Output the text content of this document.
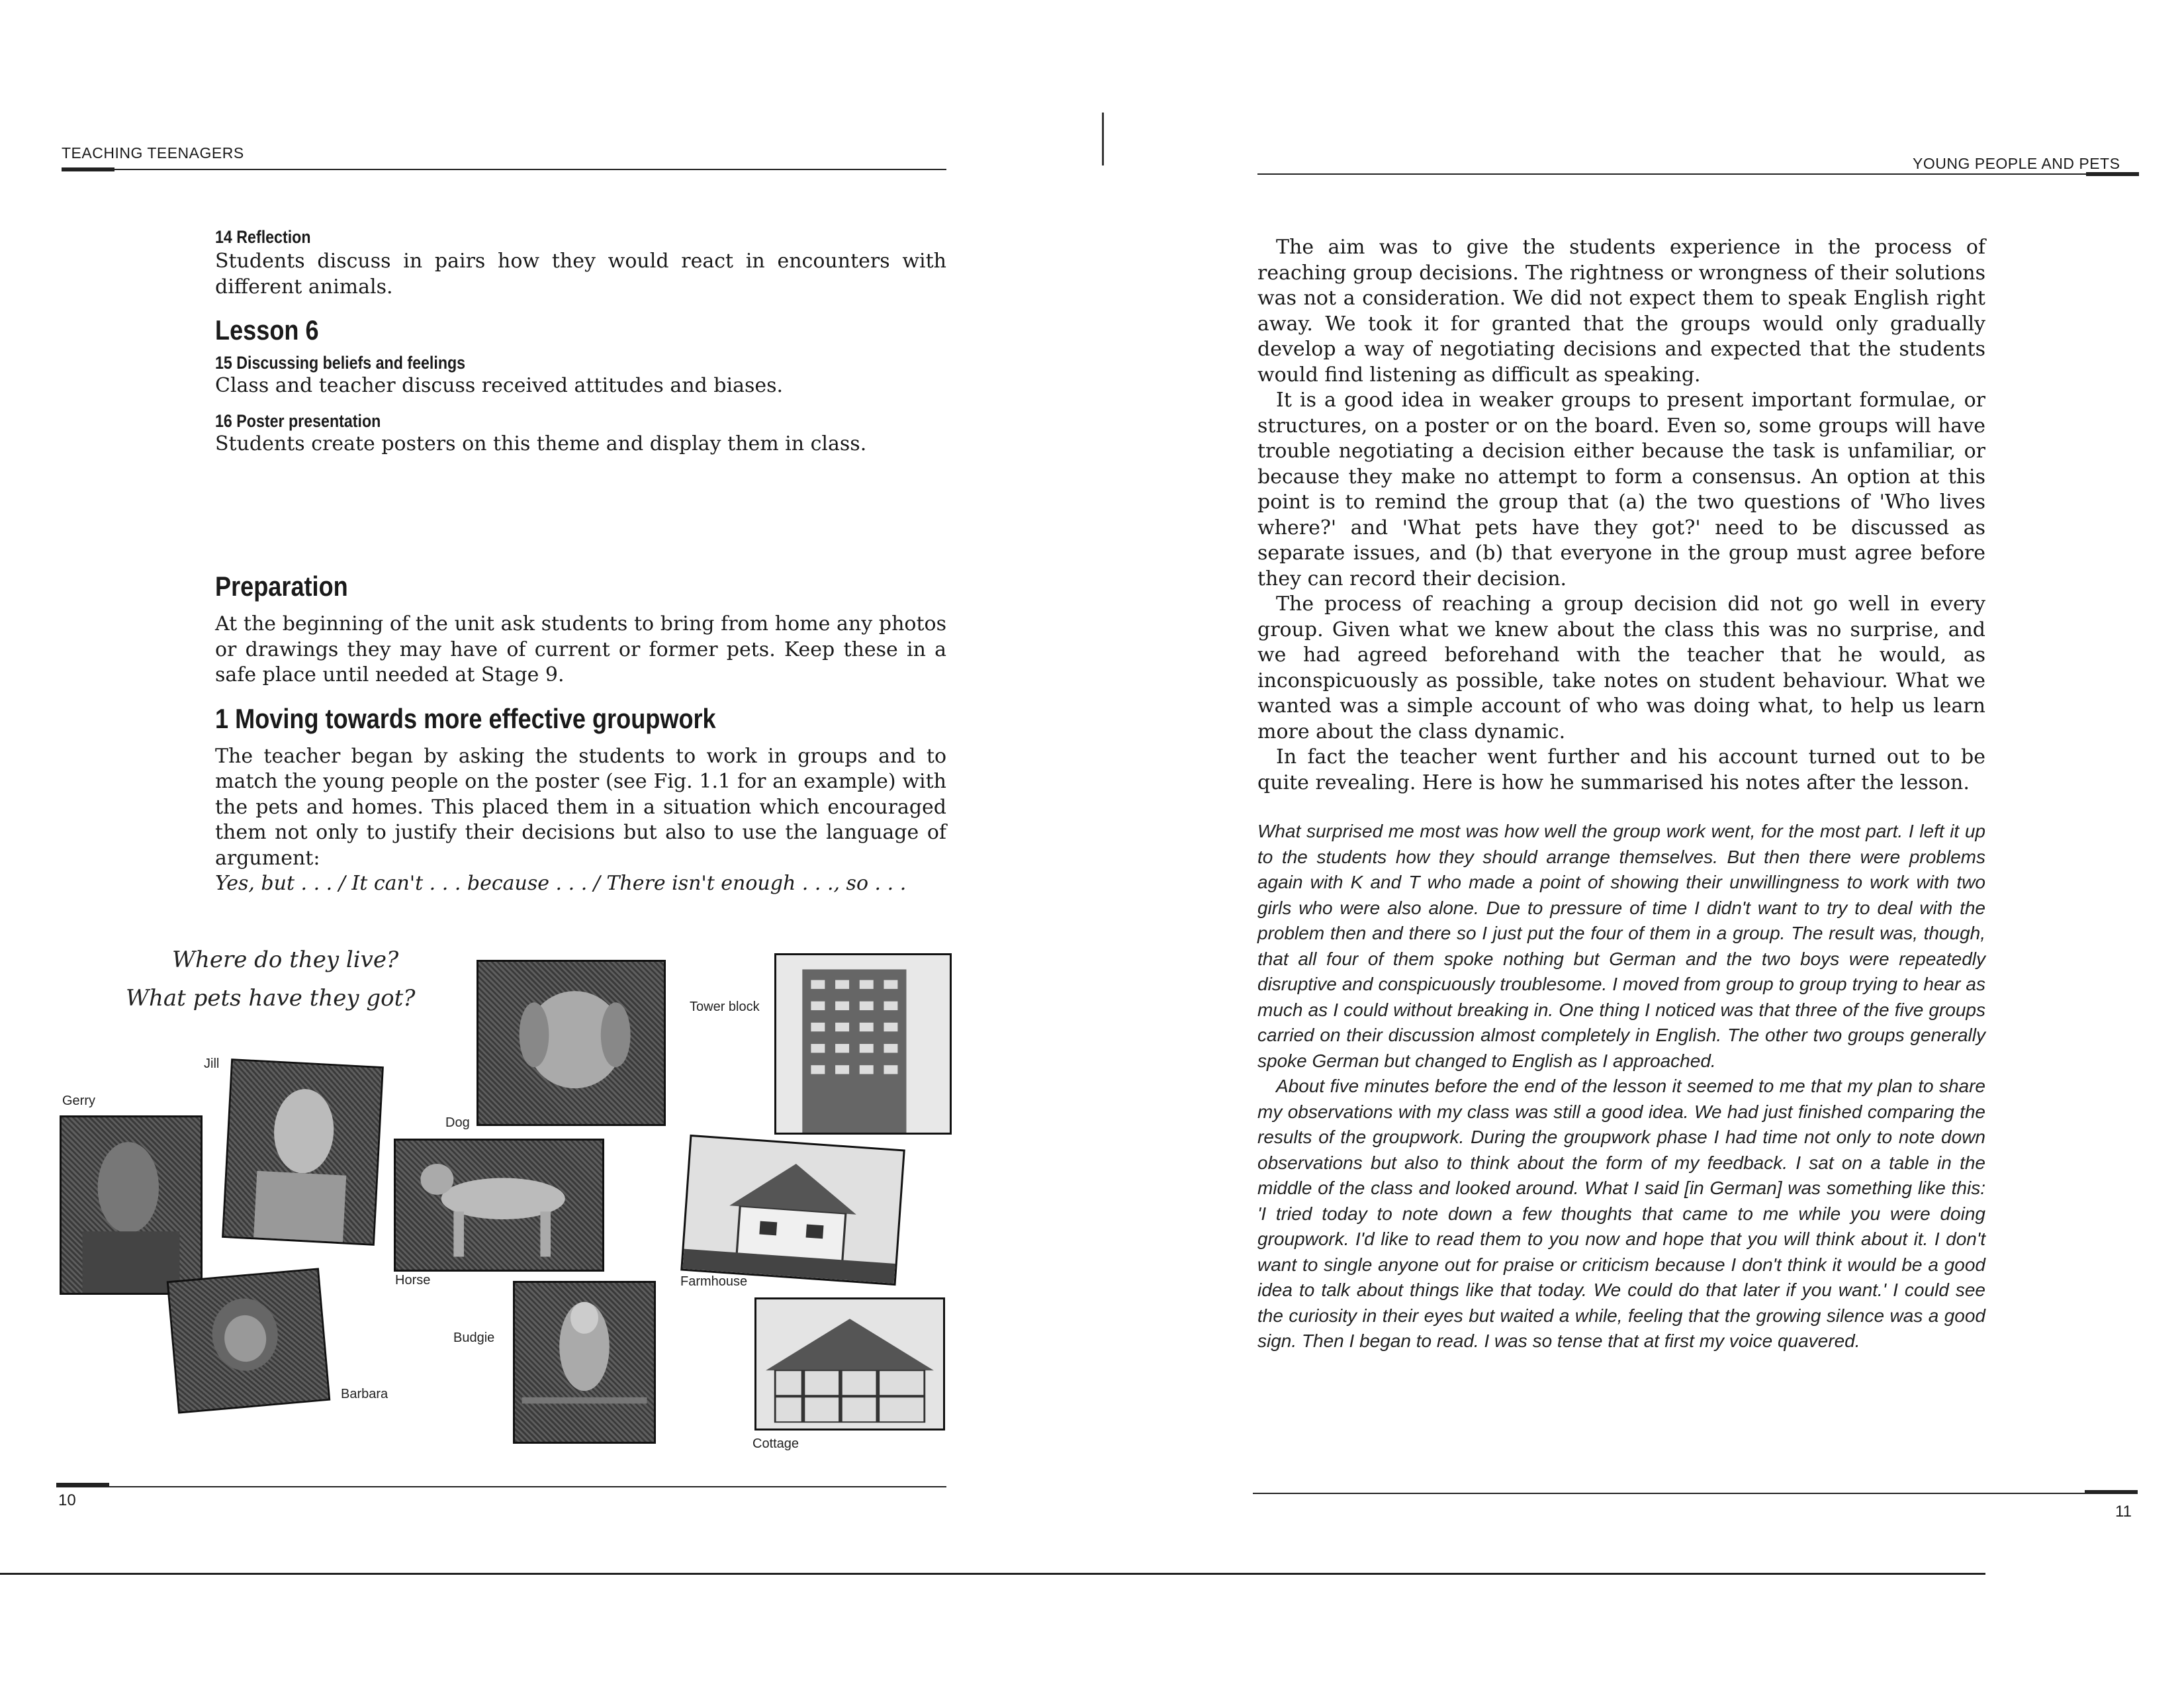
TEACHING TEENAGERS
14 Reflection
Students discuss in pairs how they would react in encounters with different animals.
Lesson 6
15 Discussing beliefs and feelings
Class and teacher discuss received attitudes and biases.
16 Poster presentation
Students create posters on this theme and display them in class.
Preparation
At the beginning of the unit ask students to bring from home any photos or drawings they may have of current or former pets. Keep these in a safe place until needed at Stage 9.
1 Moving towards more effective groupwork
The teacher began by asking the students to work in groups and to match the young people on the poster (see Fig. 1.1 for an example) with the pets and homes. This placed them in a situation which encouraged them not only to justify their decisions but also to use the language of argument:
Yes, but . . . / It can't . . . because . . . / There isn't enough . . ., so . . .
Where do they live?
What pets have they got?
Jill
Gerry
Dog
Tower block
Horse	Farmhouse
Barbara
Budgie
Cottage
10
YOUNG PEOPLE AND PETS

The aim was to give the students experience in the process of reaching group decisions. The rightness or wrongness of their solutions was not a consideration. We did not expect them to speak English right away. We took it for granted that the groups would only gradually develop a way of negotiating decisions and expected that the students would find listening as difficult as speaking.

It is a good idea in weaker groups to present important formulae, or structures, on a poster or on the board. Even so, some groups will have trouble negotiating a decision either because the task is unfamiliar, or because they make no attempt to form a consensus. An option at this point is to remind the group that (a) the two questions of 'Who lives where?' and 'What pets have they got?' need to be discussed as separate issues, and (b) that everyone in the group must agree before they can record their decision.

The process of reaching a group decision did not go well in every group. Given what we knew about the class this was no surprise, and we had agreed beforehand with the teacher that he would, as inconspicuously as possible, take notes on student behaviour. What we wanted was a simple account of who was doing what, to help us learn more about the class dynamic.

In fact the teacher went further and his account turned out to be quite revealing. Here is how he summarised his notes after the lesson.

What surprised me most was how well the group work went, for the most part. I left it up to the students how they should arrange themselves. But then there were problems again with K and T who made a point of showing their unwillingness to work with two girls who were also alone. Due to pressure of time I didn't want to try to deal with the problem then and there so I just put the four of them in a group. The result was, though, that all four of them spoke nothing but German and the two boys were repeatedly disruptive and conspicuously troublesome. I moved from group to group trying to hear as much as I could without breaking in. One thing I noticed was that three of the five groups carried on their discussion almost completely in English. The other two groups generally spoke German but changed to English as I approached.

About five minutes before the end of the lesson it seemed to me that my plan to share my observations with my class was still a good idea. We had just finished comparing the results of the groupwork. During the groupwork phase I had time not only to note down observations but also to think about the form of my feedback. I sat on a table in the middle of the class and looked around. What I said [in German] was something like this: 'I tried today to note down a few thoughts that came to me while you were doing groupwork. I'd like to read them to you now and hope that you will think about it. I don't want to single anyone out for praise or criticism because I don't think it would be a good idea to talk about things like that today. We could do that later if you want.' I could see the curiosity in their eyes but waited a while, feeling that the growing silence was a good sign. Then I began to read. I was so tense that at first my voice quavered.

11
